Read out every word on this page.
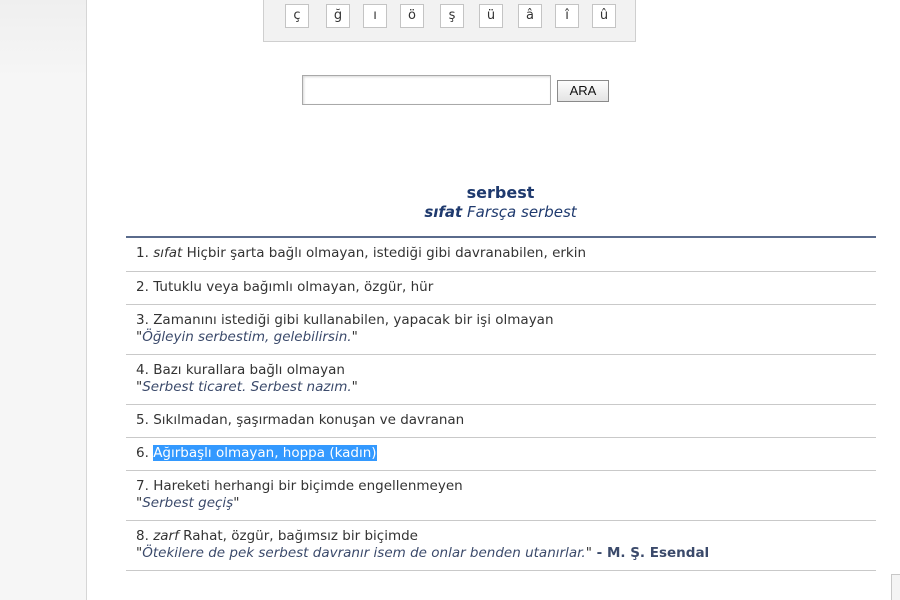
ç	ğ	ı	ö	ş	ü	â	î	û
ARA
serbest
sıfat Farsça serbest
1. sıfat Hiçbir şarta bağlı olmayan, istediği gibi davranabilen, erkin
2. Tutuklu veya bağımlı olmayan, özgür, hür
3. Zamanını istediği gibi kullanabilen, yapacak bir işi olmayan
"Öğleyin serbestim, gelebilirsin."
4. Bazı kurallara bağlı olmayan
"Serbest ticaret. Serbest nazım."
5. Sıkılmadan, şaşırmadan konuşan ve davranan
6. Ağırbaşlı olmayan, hoppa (kadın)
7. Hareketi herhangi bir biçimde engellenmeyen
"Serbest geçiş"
8. zarf Rahat, özgür, bağımsız bir biçimde
"Ötekilere de pek serbest davranır isem de onlar benden utanırlar." - M. Ş. Esendal
